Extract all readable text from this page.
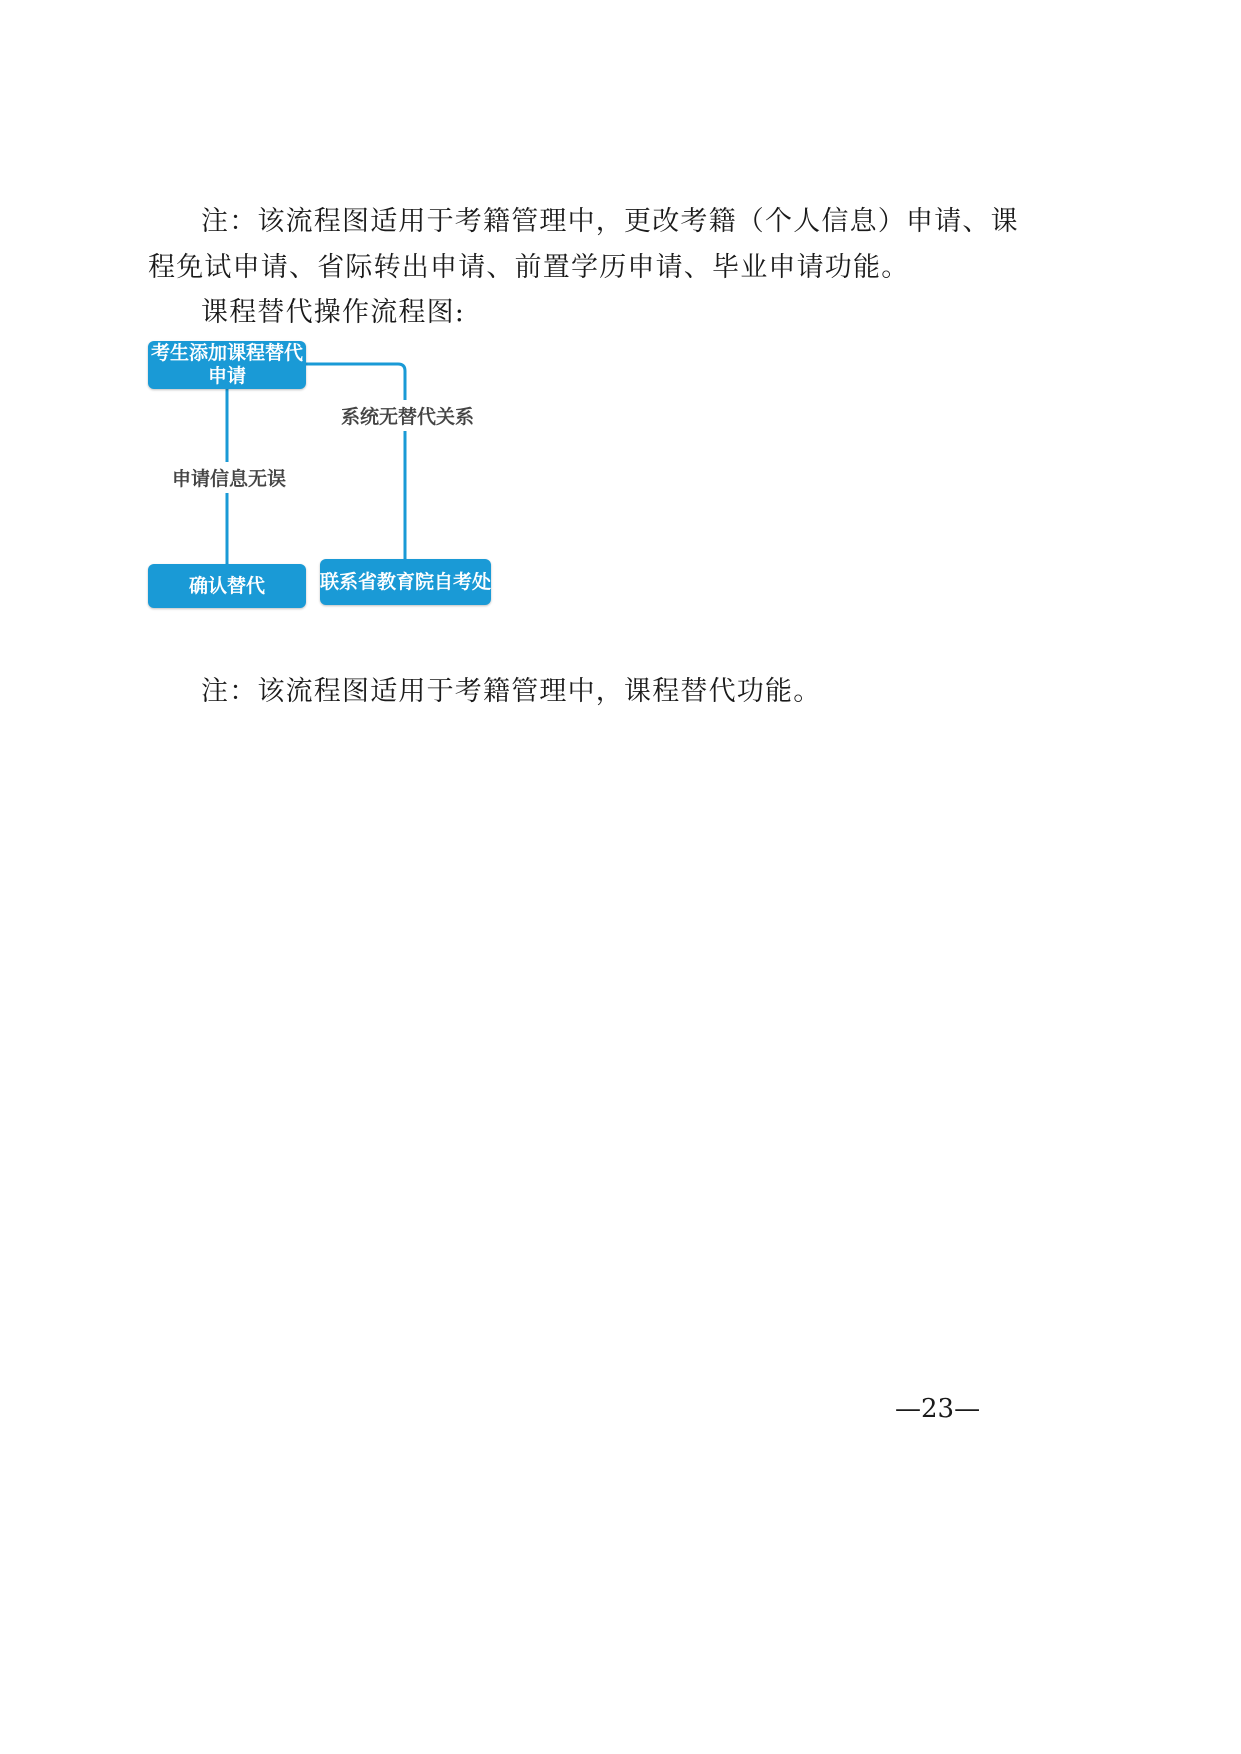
注：该流程图适用于考籍管理中，更改考籍（个人信息）申请、课

程免试申请、省际转出申请、前置学历申请、毕业申请功能。

课程替代操作流程图:

考生添加课程替代
申请
申请信息无误
系统无替代关系
确认替代	联系省教育院自考处

注：该流程图适用于考籍管理中，课程替代功能。

—23—
